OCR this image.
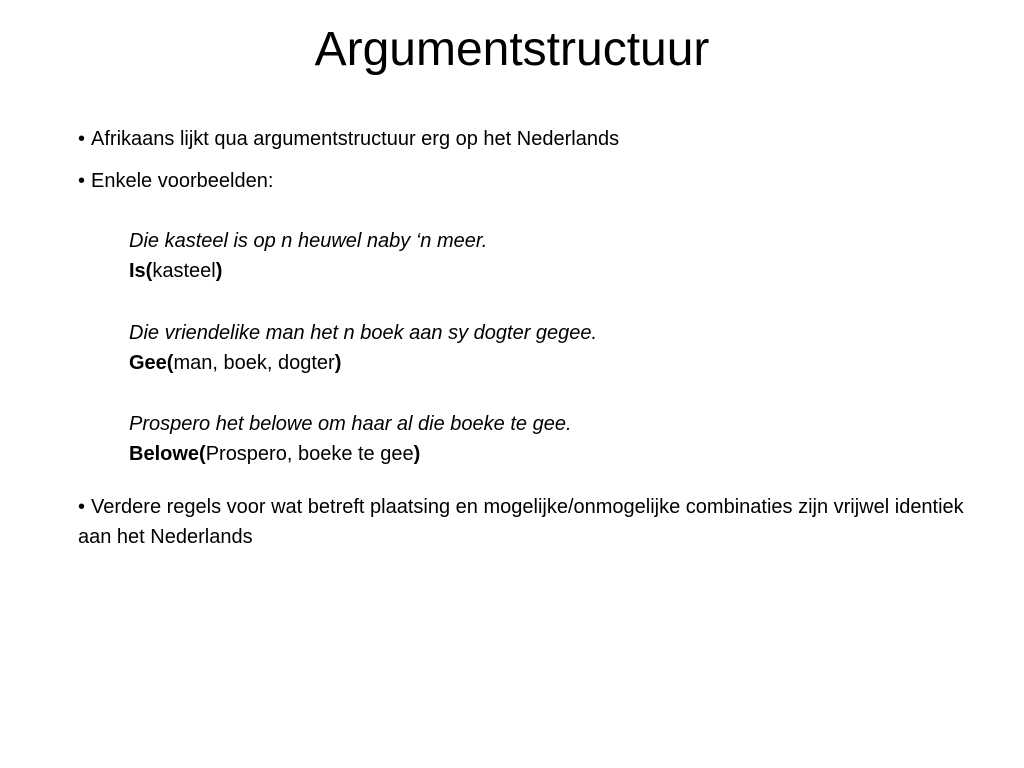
Argumentstructuur

• Afrikaans lijkt qua argumentstructuur erg op het Nederlands

• Enkele voorbeelden:

Die kasteel is op n heuwel naby ‘n meer.
Is(kasteel)
Die vriendelike man het n boek aan sy dogter gegee.
Gee(man, boek, dogter)
Prospero het belowe om haar al die boeke te gee.
Belowe(Prospero, boeke te gee)

• Verdere regels voor wat betreft plaatsing en mogelijke/onmogelijke combinaties zijn vrijwel identiek aan het Nederlands
